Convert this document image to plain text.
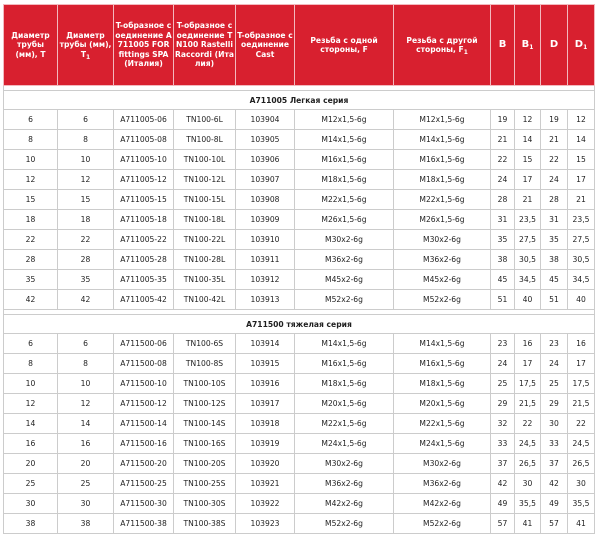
Диаметр трубы (мм), T	Диаметр трубы (мм), $T_1$	T-образное соединение A711005 FOR fittings SPA (Италия)	T-образное соединение TN100 Rastelli Raccordi (Италия)	T-образное соединение Cast	Резьба с одной стороны, F	Резьба с другой стороны, $F_1$	B	$B_1$	D	$D_1$

A711005 Легкая серия										
6	6	A711005-06	TN100-6L	103904	M12x1,5-6g	M12x1,5-6g	19	12	19	12
8	8	A711005-08	TN100-8L	103905	M14x1,5-6g	M14x1,5-6g	21	14	21	14
10	10	A711005-10	TN100-10L	103906	M16x1,5-6g	M16x1,5-6g	22	15	22	15
12	12	A711005-12	TN100-12L	103907	M18x1,5-6g	M18x1,5-6g	24	17	24	17
15	15	A711005-15	TN100-15L	103908	M22x1,5-6g	M22x1,5-6g	28	21	28	21
18	18	A711005-18	TN100-18L	103909	M26x1,5-6g	M26x1,5-6g	31	23,5	31	23,5
22	22	A711005-22	TN100-22L	103910	M30x2-6g	M30x2-6g	35	27,5	35	27,5
28	28	A711005-28	TN100-28L	103911	M36x2-6g	M36x2-6g	38	30,5	38	30,5
35	35	A711005-35	TN100-35L	103912	M45x2-6g	M45x2-6g	45	34,5	45	34,5
42	42	A711005-42	TN100-42L	103913	M52x2-6g	M52x2-6g	51	40	51	40

A711500 тяжелая серия										
6	6	A711500-06	TN100-6S	103914	M14x1,5-6g	M14x1,5-6g	23	16	23	16
8	8	A711500-08	TN100-8S	103915	M16x1,5-6g	M16x1,5-6g	24	17	24	17
10	10	A711500-10	TN100-10S	103916	M18x1,5-6g	M18x1,5-6g	25	17,5	25	17,5
12	12	A711500-12	TN100-12S	103917	M20x1,5-6g	M20x1,5-6g	29	21,5	29	21,5
14	14	A711500-14	TN100-14S	103918	M22x1,5-6g	M22x1,5-6g	32	22	30	22
16	16	A711500-16	TN100-16S	103919	M24x1,5-6g	M24x1,5-6g	33	24,5	33	24,5
20	20	A711500-20	TN100-20S	103920	M30x2-6g	M30x2-6g	37	26,5	37	26,5
25	25	A711500-25	TN100-25S	103921	M36x2-6g	M36x2-6g	42	30	42	30
30	30	A711500-30	TN100-30S	103922	M42x2-6g	M42x2-6g	49	35,5	49	35,5
38	38	A711500-38	TN100-38S	103923	M52x2-6g	M52x2-6g	57	41	57	41
